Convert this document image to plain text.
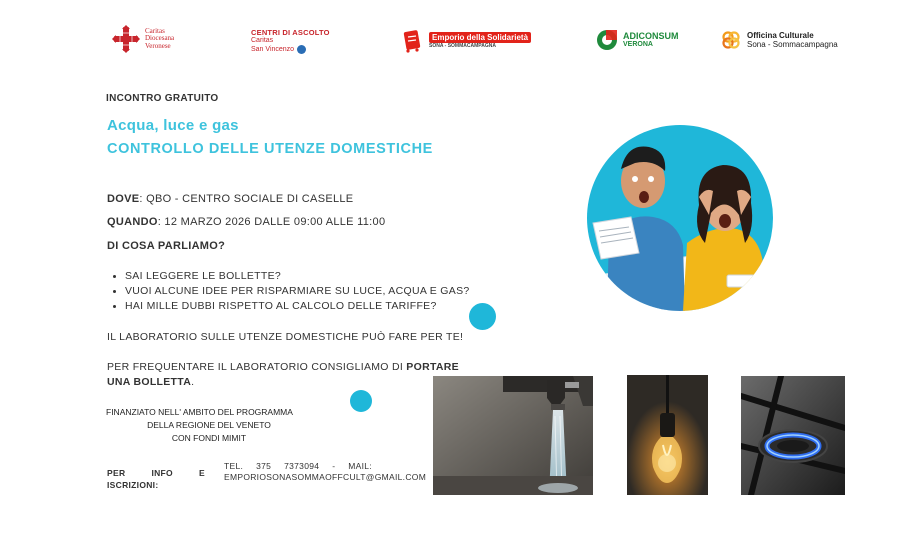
Caritas
Diocesana
Veronese
CENTRI DI ASCOLTO
Caritas
San Vincenzo
Emporio della Solidarietà
SONA - SOMMACAMPAGNA
ADICONSUM
VERONA
Officina Culturale
Sona - Sommacampagna
INCONTRO GRATUITO
Acqua, luce e gas
CONTROLLO DELLE UTENZE DOMESTICHE
DOVE: QBO - CENTRO SOCIALE DI CASELLE
QUANDO: 12 MARZO 2026 DALLE 09:00 ALLE 11:00
DI COSA PARLIAMO?
• SAI LEGGERE LE BOLLETTE?
• VUOI ALCUNE IDEE PER RISPARMIARE SU LUCE, ACQUA E GAS?
• HAI MILLE DUBBI RISPETTO AL CALCOLO DELLE TARIFFE?
IL LABORATORIO SULLE UTENZE DOMESTICHE PUÒ FARE PER TE!
PER FREQUENTARE IL LABORATORIO CONSIGLIAMO DI PORTARE UNA BOLLETTA.
FINANZIATO NELL' AMBITO DEL PROGRAMMA
DELLA REGIONE DEL VENETO
CON FONDI MIMIT
PER INFO E ISCRIZIONI:
TEL. 375 7373094 - MAIL: EMPORIOSONASOMMAOFFCULT@GMAIL.COM
